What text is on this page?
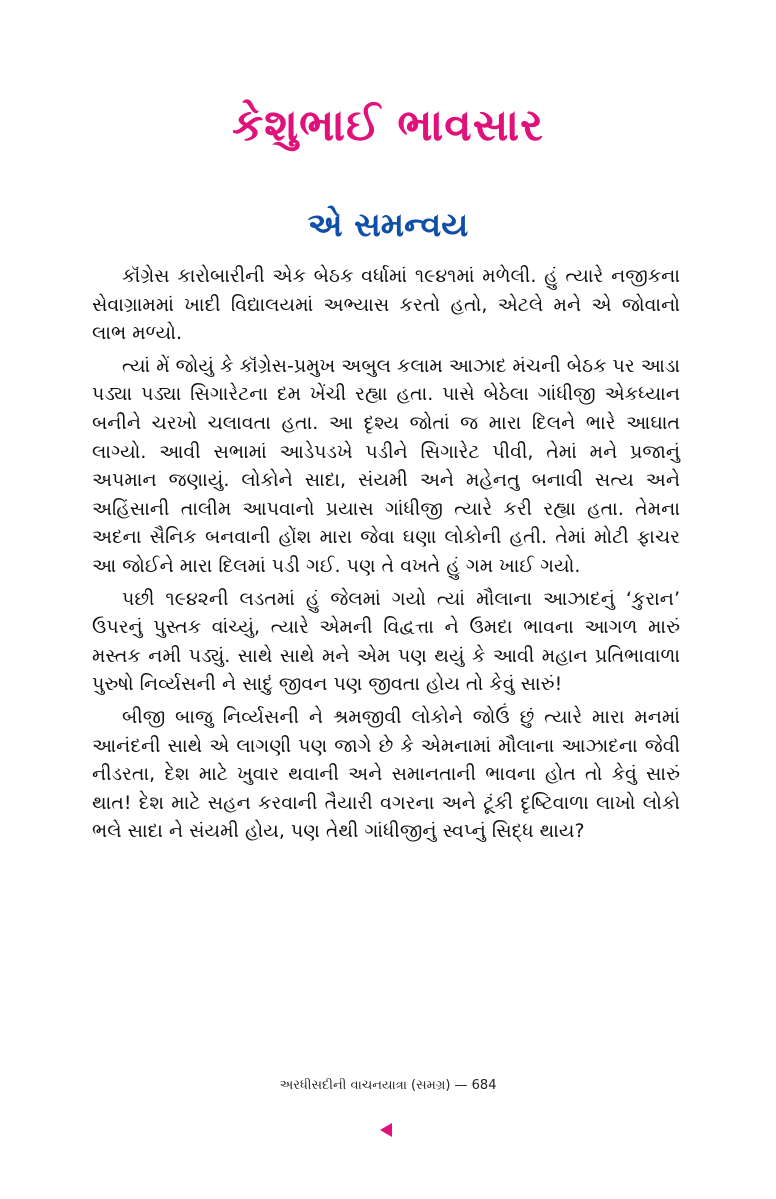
કેશુભાઈ ભાવસાર
એ સમન્વય

કૉંગ્રેસ કારોબારીની એક બેઠક વર્ધામાં ૧૯૪૧માં મળેલી. હું ત્યારે નજીકના સેવાગ્રામમાં ખાદી વિદ્યાલયમાં અભ્યાસ કરતો હતો, એટલે મને એ જોવાનો લાભ મળ્યો.

ત્યાં મેં જોયું કે કૉંગ્રેસ-પ્રમુખ અબુલ કલામ આઝાદ મંચની બેઠક પર આડા પડ્યા પડ્યા સિગારેટના દમ ખેંચી રહ્યા હતા. પાસે બેઠેલા ગાંધીજી એકધ્યાન બનીને ચરખો ચલાવતા હતા. આ દૃશ્ય જોતાં જ મારા દિલને ભારે આઘાત લાગ્યો. આવી સભામાં આડેપડખે પડીને સિગારેટ પીવી, તેમાં મને પ્રજાનું અપમાન જણાયું. લોકોને સાદા, સંયમી અને મહેનતુ બનાવી સત્ય અને અહિંસાની તાલીમ આપવાનો પ્રયાસ ગાંધીજી ત્યારે કરી રહ્યા હતા. તેમના અદના સૈનિક બનવાની હોંશ મારા જેવા ઘણા લોકોની હતી. તેમાં મોટી ફાચર આ જોઈને મારા દિલમાં પડી ગઈ. પણ તે વખતે હું ગમ ખાઈ ગયો.

પછી ૧૯૪૨ની લડતમાં હું જેલમાં ગયો ત્યાં મૌલાના આઝાદનું ‘કુરાન’ ઉપરનું પુસ્તક વાંચ્યું, ત્યારે એમની વિદ્વત્તા ને ઉમદા ભાવના આગળ મારું મસ્તક નમી પડ્યું. સાથે સાથે મને એમ પણ થયું કે આવી મહાન પ્રતિભાવાળા પુરુષો નિર્વ્યસની ને સાદું જીવન પણ જીવતા હોય તો કેવું સારું!

બીજી બાજુ નિર્વ્યસની ને શ્રમજીવી લોકોને જોઉં છું ત્યારે મારા મનમાં આનંદની સાથે એ લાગણી પણ જાગે છે કે એમનામાં મૌલાના આઝાદના જેવી નીડરતા, દેશ માટે ખુવાર થવાની અને સમાનતાની ભાવના હોત તો કેવું સારું થાત! દેશ માટે સહન કરવાની તૈયારી વગરના અને ટૂંકી દૃષ્ટિવાળા લાખો લોકો ભલે સાદા ને સંયમી હોય, પણ તેથી ગાંધીજીનું સ્વપ્નું સિદ્ધ થાય?

અરધીસદીની વાચનયાત્રા (સમગ્ર) — 684
